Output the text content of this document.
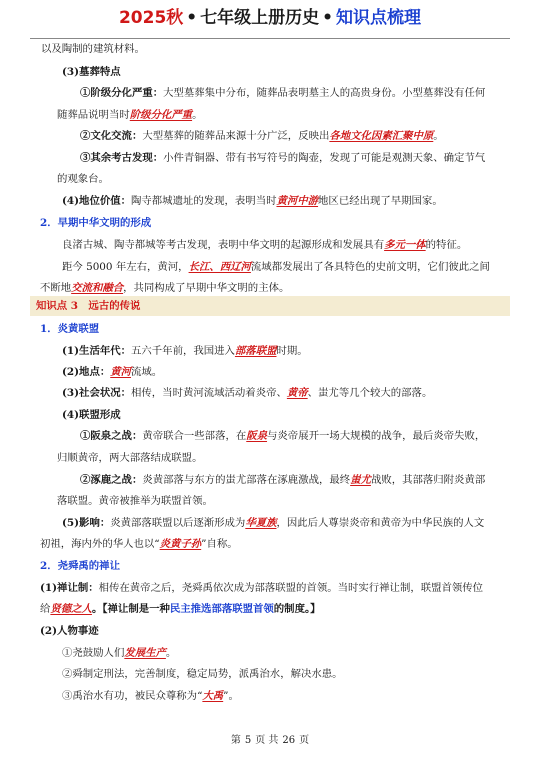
2025秋 • 七年级上册历史 • 知识点梳理
以及陶制的建筑材料。
(3)墓葬特点
①阶级分化严重：大型墓葬集中分布，随葬品表明墓主人的高贵身份。小型墓葬没有任何
随葬品说明当时阶级分化严重。
②文化交流：大型墓葬的随葬品来源十分广泛，反映出各地文化因素汇聚中原。
③其余考古发现：小件青铜器、带有书写符号的陶壶，发现了可能是观测天象、确定节气
的观象台。
(4)地位价值：陶寺都城遗址的发现，表明当时黄河中游地区已经出现了早期国家。
2．早期中华文明的形成
良渚古城、陶寺都城等考古发现，表明中华文明的起源形成和发展具有多元一体的特征。
距今 5000 年左右，黄河，长江、西辽河流域都发展出了各具特色的史前文明，它们彼此之间
不断地交流和融合，共同构成了早期中华文明的主体。
知识点 3　远古的传说
1．炎黄联盟
(1)生活年代：五六千年前，我国进入部落联盟时期。
(2)地点：黄河流域。
(3)社会状况：相传，当时黄河流域活动着炎帝、黄帝、蚩尤等几个较大的部落。
(4)联盟形成
①阪泉之战：黄帝联合一些部落，在阪泉与炎帝展开一场大规模的战争，最后炎帝失败，
归顺黄帝，两大部落结成联盟。
②涿鹿之战：炎黄部落与东方的蚩尤部落在涿鹿激战，最终蚩尤战败，其部落归附炎黄部
落联盟。黄帝被推举为联盟首领。
(5)影响：炎黄部落联盟以后逐渐形成为华夏族，因此后人尊崇炎帝和黄帝为中华民族的人文
初祖，海内外的华人也以“炎黄子孙”自称。
2．尧舜禹的禅让
(1)禅让制：相传在黄帝之后，尧舜禹依次成为部落联盟的首领。当时实行禅让制，联盟首领传位
给贤德之人。【禅让制是一种民主推选部落联盟首领的制度。】
(2)人物事迹
①尧鼓励人们发展生产。
②舜制定刑法，完善制度，稳定局势，派禹治水，解决水患。
③禹治水有功，被民众尊称为“大禹”。
第 5 页 共 26 页
